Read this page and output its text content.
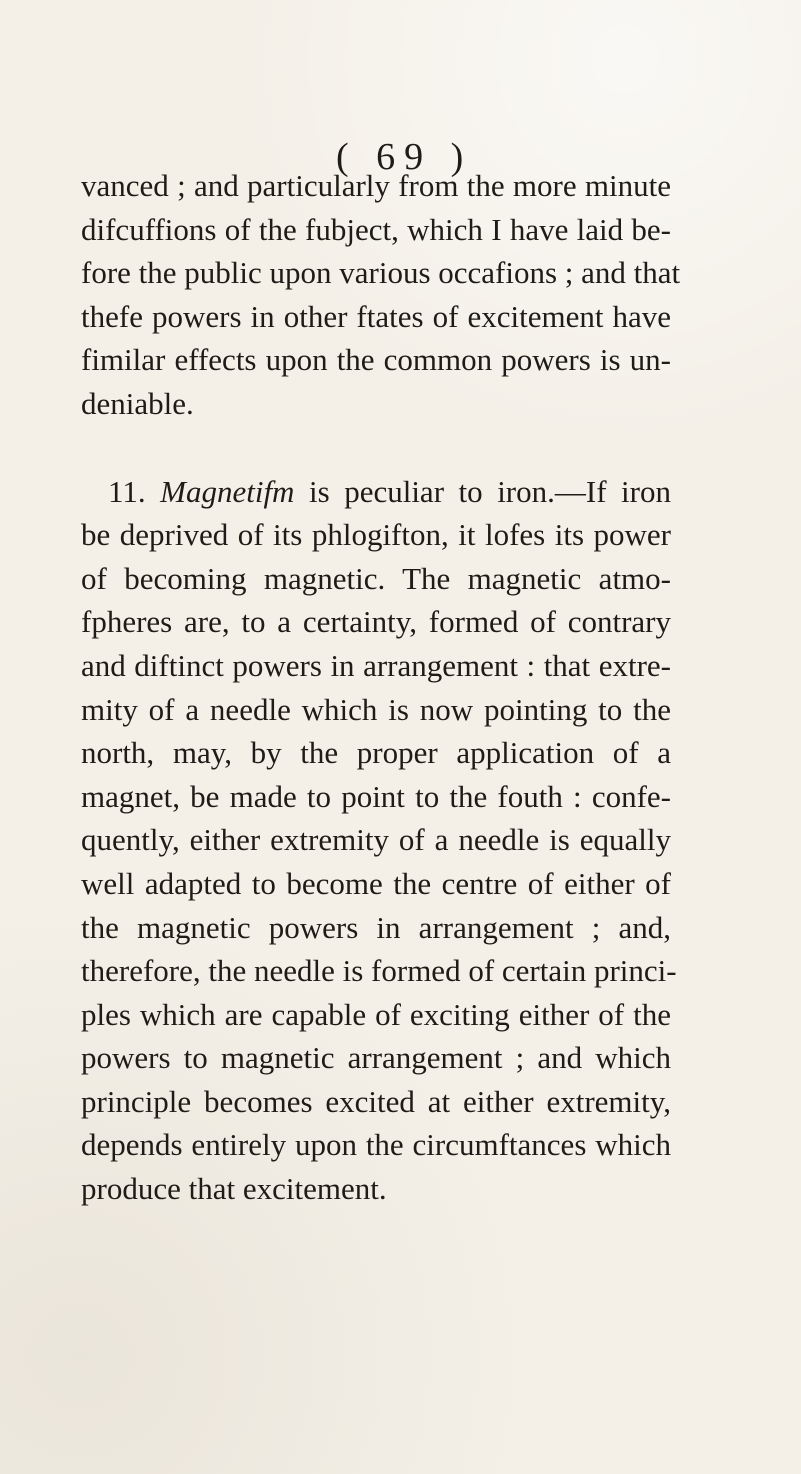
( 69 )

vanced ; and particularly from the more minute
difcuffions of the fubject, which I have laid be-
fore the public upon various occafions ; and that
thefe powers in other ftates of excitement have
fimilar effects upon the common powers is un-
deniable.

11. Magnetifm is peculiar to iron.—If iron
be deprived of its phlogifton, it lofes its power
of becoming magnetic. The magnetic atmo-
fpheres are, to a certainty, formed of contrary
and diftinct powers in arrangement : that extre-
mity of a needle which is now pointing to the
north, may, by the proper application of a
magnet, be made to point to the fouth : confe-
quently, either extremity of a needle is equally
well adapted to become the centre of either of
the magnetic powers in arrangement ; and,
therefore, the needle is formed of certain princi-
ples which are capable of exciting either of the
powers to magnetic arrangement ; and which
principle becomes excited at either extremity,
depends entirely upon the circumftances which
produce that excitement.
